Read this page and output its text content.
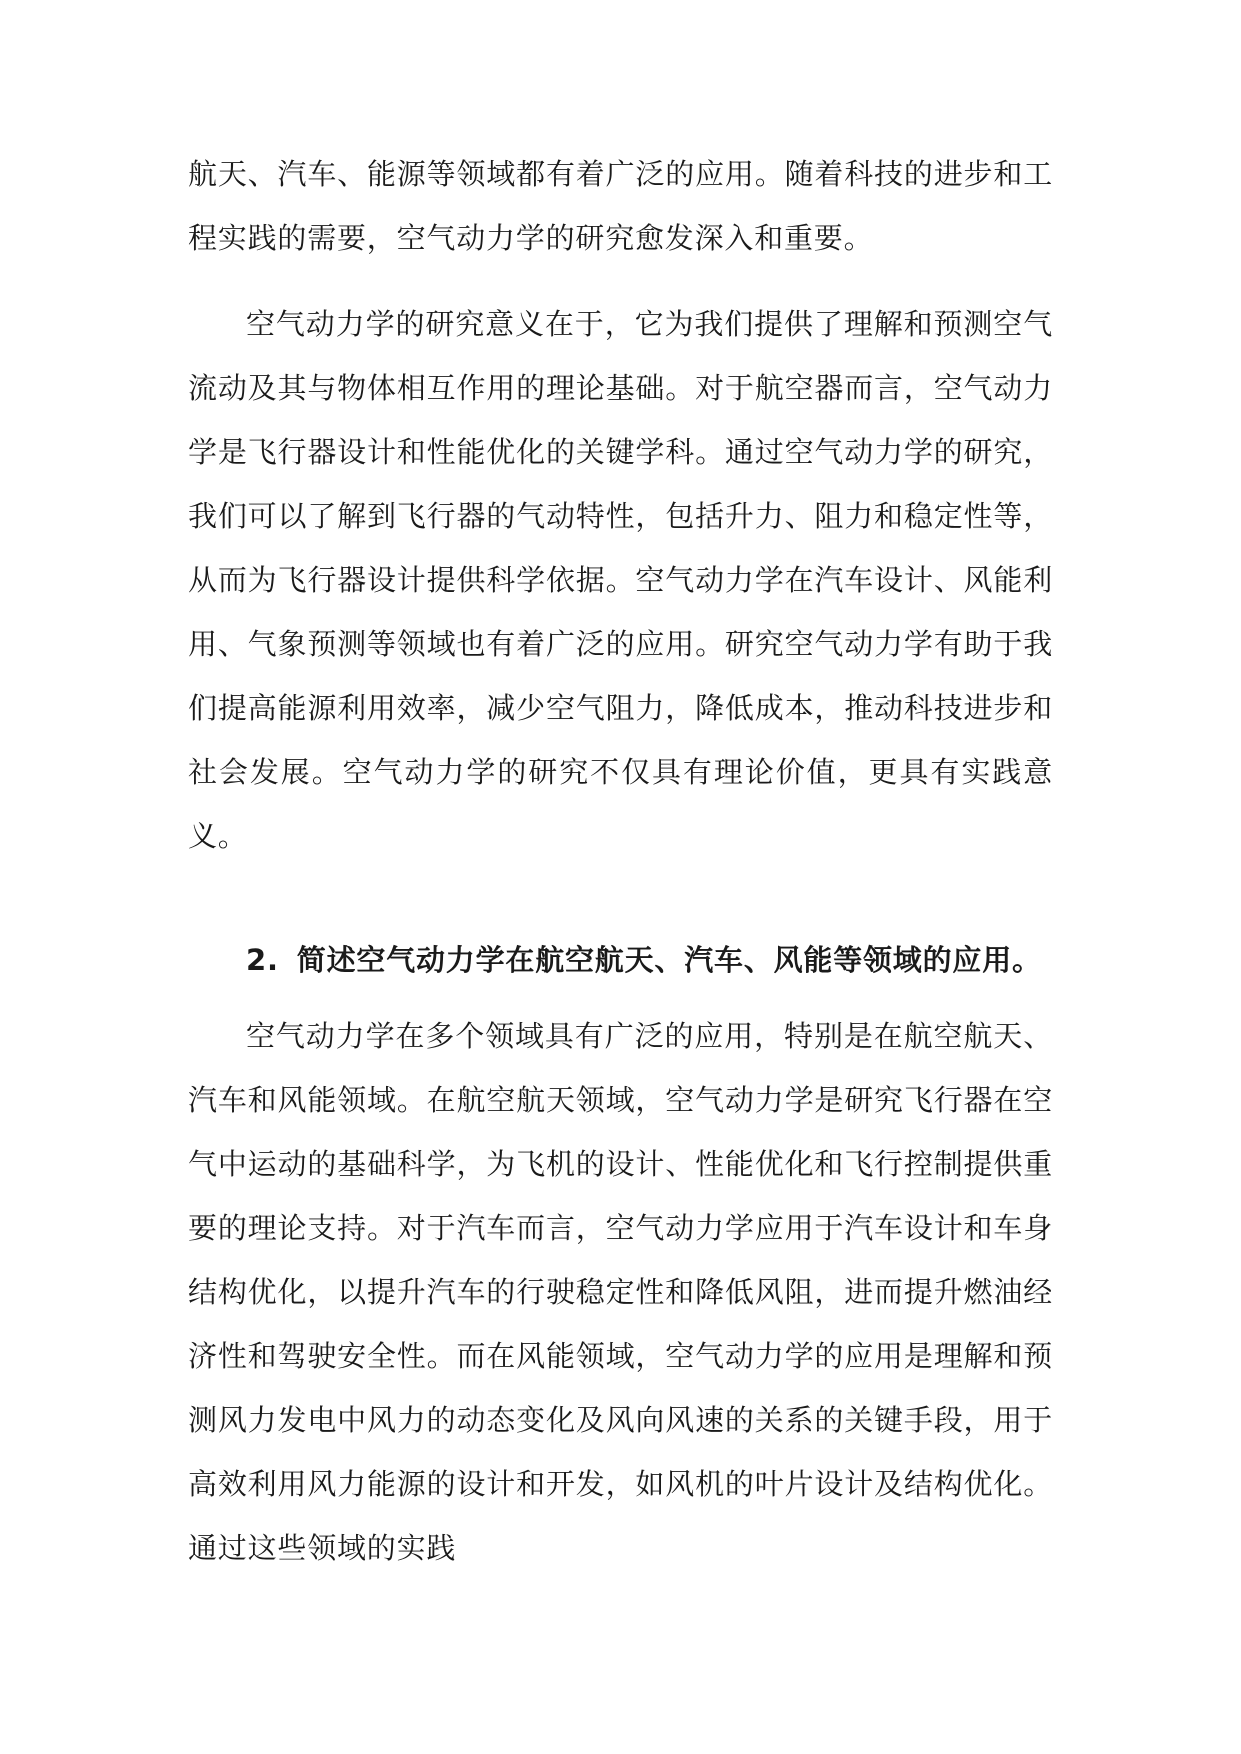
航天、汽车、能源等领域都有着广泛的应用。随着科技的进步和工程实践的需要，空气动力学的研究愈发深入和重要。

空气动力学的研究意义在于，它为我们提供了理解和预测空气流动及其与物体相互作用的理论基础。对于航空器而言，空气动力学是飞行器设计和性能优化的关键学科。通过空气动力学的研究，我们可以了解到飞行器的气动特性，包括升力、阻力和稳定性等，从而为飞行器设计提供科学依据。空气动力学在汽车设计、风能利用、气象预测等领域也有着广泛的应用。研究空气动力学有助于我们提高能源利用效率，减少空气阻力，降低成本，推动科技进步和社会发展。空气动力学的研究不仅具有理论价值，更具有实践意义。

2. 简述空气动力学在航空航天、汽车、风能等领域的应用。

空气动力学在多个领域具有广泛的应用，特别是在航空航天、汽车和风能领域。在航空航天领域，空气动力学是研究飞行器在空气中运动的基础科学，为飞机的设计、性能优化和飞行控制提供重要的理论支持。对于汽车而言，空气动力学应用于汽车设计和车身结构优化，以提升汽车的行驶稳定性和降低风阻，进而提升燃油经济性和驾驶安全性。而在风能领域，空气动力学的应用是理解和预测风力发电中风力的动态变化及风向风速的关系的关键手段，用于高效利用风力能源的设计和开发，如风机的叶片设计及结构优化。通过这些领域的实践
